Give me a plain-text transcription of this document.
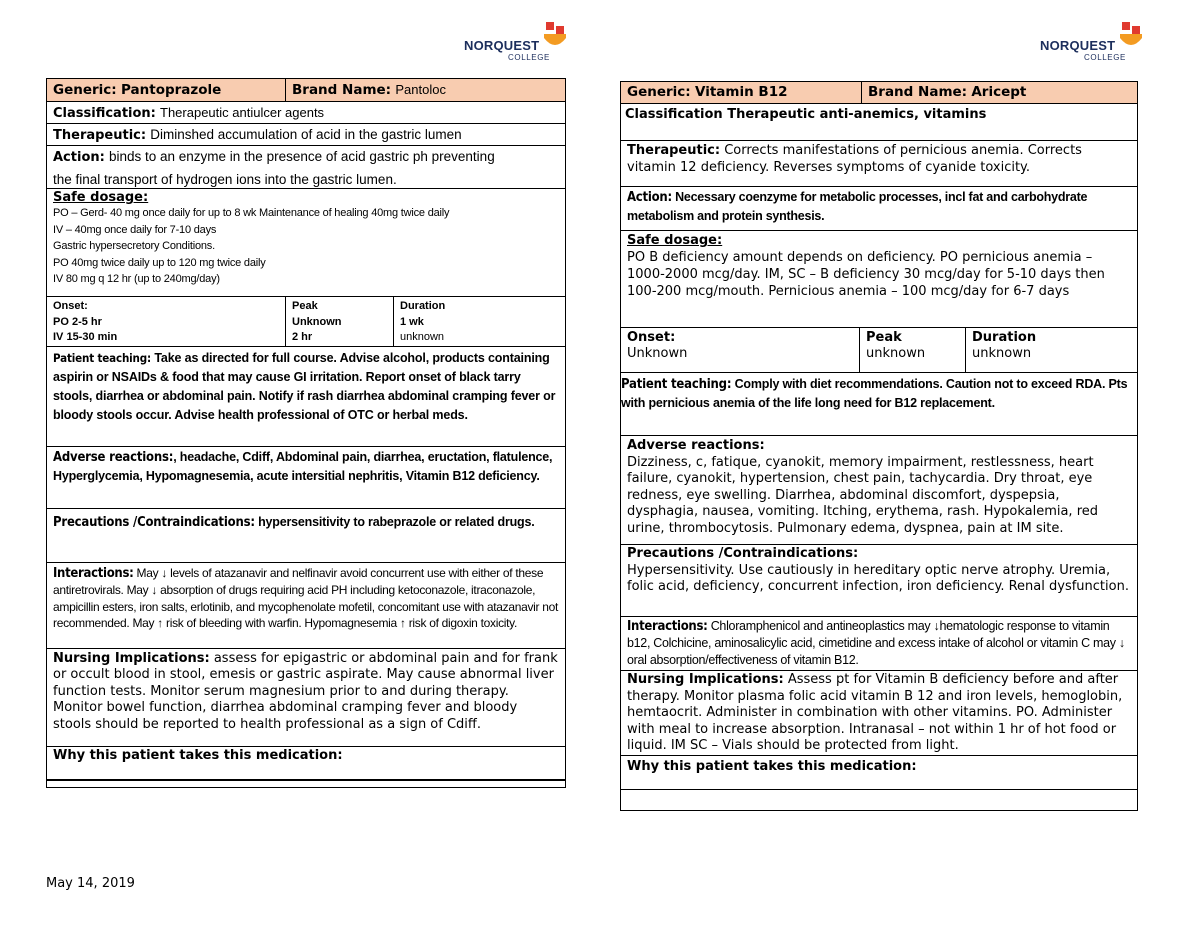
NORQUEST
COLLEGE
NORQUEST
COLLEGE
Generic: Pantoprazole	Brand Name: Pantoloc
Classification: Therapeutic antiulcer agents
Therapeutic: Diminshed accumulation of acid in the gastric lumen
Action: binds to an enzyme in the presence of acid gastric ph preventing
the final transport of hydrogen ions into the gastric lumen.
Safe dosage:
PO – Gerd- 40 mg once daily for up to 8 wk Maintenance of healing 40mg twice daily
IV – 40mg once daily for 7-10 days
Gastric hypersecretory Conditions.
PO 40mg twice daily up to 120 mg twice daily
IV 80 mg q 12 hr (up to 240mg/day)
Onset:
PO 2-5 hr
IV 15-30 min
Peak
Unknown
2 hr
Duration
1 wk
unknown
Patient teaching: Take as directed for full course. Advise alcohol, products containing aspirin or NSAIDs & food that may cause GI irritation. Report onset of black tarry stools, diarrhea or abdominal pain. Notify if rash diarrhea abdominal cramping fever or bloody stools occur. Advise health professional of OTC or herbal meds.
Adverse reactions:, headache, Cdiff, Abdominal pain, diarrhea, eructation, flatulence, Hyperglycemia, Hypomagnesemia, acute intersitial nephritis, Vitamin B12 deficiency.
Precautions /Contraindications: hypersensitivity to rabeprazole or related drugs.
Interactions: May ↓ levels of atazanavir and nelfinavir avoid concurrent use with either of these antiretrovirals. May ↓ absorption of drugs requiring acid PH including ketoconazole, itraconazole, ampicillin esters, iron salts, erlotinib, and mycophenolate mofetil, concomitant use with atazanavir not recommended. May ↑ risk of bleeding with warfin. Hypomagnesemia ↑ risk of digoxin toxicity.
Nursing Implications: assess for epigastric or abdominal pain and for frank or occult blood in stool, emesis or gastric aspirate. May cause abnormal liver function tests. Monitor serum magnesium prior to and during therapy. Monitor bowel function, diarrhea abdominal cramping fever and bloody stools should be reported to health professional as a sign of Cdiff.
Why this patient takes this medication:
Generic: Vitamin B12	Brand Name: Aricept
Classification Therapeutic anti-anemics, vitamins
Therapeutic: Corrects manifestations of pernicious anemia. Corrects vitamin 12 deficiency. Reverses symptoms of cyanide toxicity.
Action: Necessary coenzyme for metabolic processes, incl fat and carbohydrate metabolism and protein synthesis.
Safe dosage:
PO B deficiency amount depends on deficiency. PO pernicious anemia – 1000-2000 mcg/day. IM, SC – B deficiency 30 mcg/day for 5-10 days then 100-200 mcg/mouth. Pernicious anemia – 100 mcg/day for 6-7 days
Onset:
Unknown
Peak
unknown
Duration
unknown
Patient teaching: Comply with diet recommendations. Caution not to exceed RDA. Pts with pernicious anemia of the life long need for B12 replacement.
Adverse reactions:
Dizziness, c, fatique, cyanokit, memory impairment, restlessness, heart failure, cyanokit, hypertension, chest pain, tachycardia. Dry throat, eye redness, eye swelling. Diarrhea, abdominal discomfort, dyspepsia, dysphagia, nausea, vomiting. Itching, erythema, rash. Hypokalemia, red urine, thrombocytosis. Pulmonary edema, dyspnea, pain at IM site.
Precautions /Contraindications:
Hypersensitivity. Use cautiously in hereditary optic nerve atrophy. Uremia, folic acid, deficiency, concurrent infection, iron deficiency. Renal dysfunction.
Interactions: Chloramphenicol and antineoplastics may ↓hematologic response to vitamin b12, Colchicine, aminosalicylic acid, cimetidine and excess intake of alcohol or vitamin C may ↓ oral absorption/effectiveness of vitamin B12.
Nursing Implications: Assess pt for Vitamin B deficiency before and after therapy. Monitor plasma folic acid vitamin B 12 and iron levels, hemoglobin, hemtaocrit. Administer in combination with other vitamins. PO. Administer with meal to increase absorption. Intranasal – not within 1 hr of hot food or liquid. IM SC – Vials should be protected from light.
Why this patient takes this medication:
May 14, 2019
